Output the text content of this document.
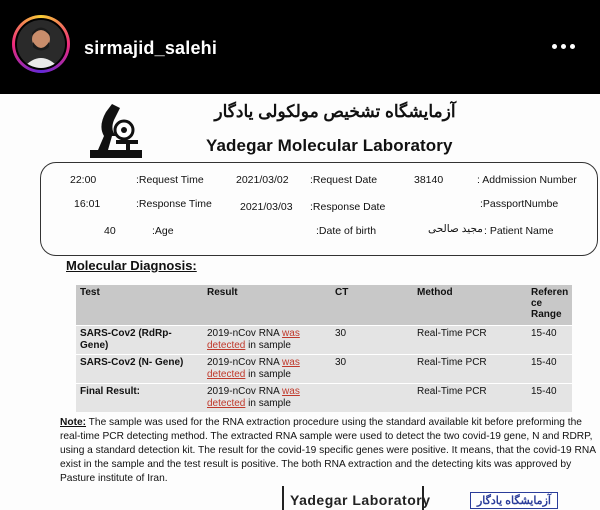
sirmajid_salehi
آزمایشگاه تشخیص مولکولی یادگار
Yadegar Molecular Laboratory
22:00	:Request Time	2021/03/02 :Request Date	38140	: Addmission Number
16:01	:Response Time	2021/03/03 :Response Date	:PassportNumbe
40	:Age	:Date of birth	مجید صالحی : Patient Name
Molecular Diagnosis:
Test	Result	CT	Method	Referen
ce
Range
SARS-Cov2 (RdRp- Gene)	2019-nCov RNA was
detected in sample	30	Real-Time PCR	15-40
SARS-Cov2 (N- Gene)	2019-nCov RNA was
detected in sample	30	Real-Time PCR	15-40
Final Result:	2019-nCov RNA was
detected in sample		Real-Time PCR	15-40
Note: The sample was used for the RNA extraction procedure using the standard available kit before preforming the real-time PCR detecting method. The extracted RNA sample were used to detect the two covid-19 gene, N and RDRP, using a standard detection kit. The result for the covid-19 specific genes were positive. It means, that the covid-19 RNA exist in the sample and the test result is positive. The both RNA extraction and the detecting kits was approved by Pasture institute of Iran.
Yadegar Laboratory	آزمایشگاه یادگار
